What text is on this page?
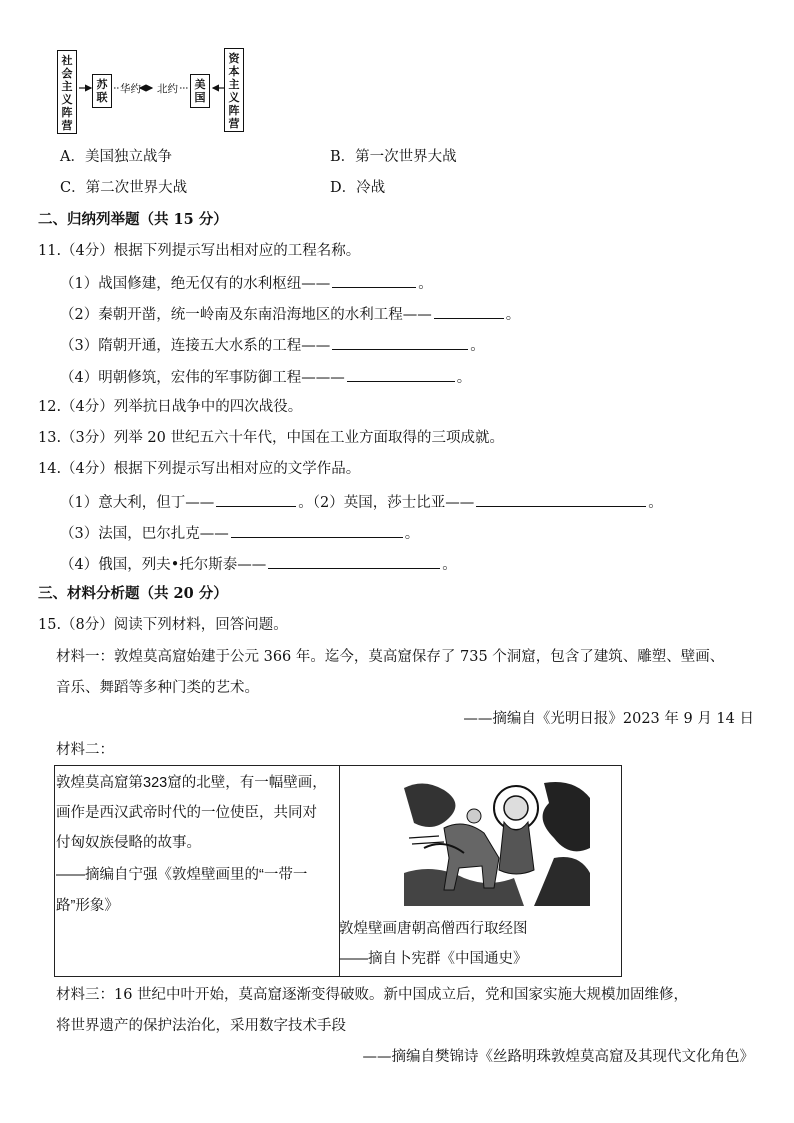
社会主义阵营
苏联
美国
资本主义阵营
华约 北约
A．美国独立战争	B．第一次世界大战
C．第二次世界大战	D．冷战
二、归纳列举题（共 15 分）
11.（4分）根据下列提示写出相对应的工程名称。
（1）战国修建，绝无仅有的水利枢纽——	。
（2）秦朝开凿，统一岭南及东南沿海地区的水利工程——	。
（3）隋朝开通，连接五大水系的工程——	。
（4）明朝修筑，宏伟的军事防御工程———	。
12.（4分）列举抗日战争中的四次战役。
13.（3分）列举 20 世纪五六十年代，中国在工业方面取得的三项成就。
14.（4分）根据下列提示写出相对应的文学作品。
（1）意大利，但丁——	。（2）英国，莎士比亚——	。
（3）法国，巴尔扎克——	。
（4）俄国，列夫•托尔斯泰——	。
三、材料分析题（共 20 分）
15.（8分）阅读下列材料，回答问题。
材料一：敦煌莫高窟始建于公元 366 年。迄今，莫高窟保存了 735 个洞窟，包含了建筑、雕塑、壁画、
音乐、舞蹈等多种门类的艺术。
——摘编自《光明日报》2023 年 9 月 14 日
材料二：
敦煌莫高窟第323窟的北壁，有一幅壁画，
画作是西汉武帝时代的一位使臣，共同对
付匈奴族侵略的故事。
——摘编自宁强《敦煌壁画里的“一带一
路”形象》
敦煌壁画唐朝高僧西行取经图
——摘自卜宪群《中国通史》
材料三：16 世纪中叶开始，莫高窟逐渐变得破败。新中国成立后，党和国家实施大规模加固维修，
将世界遗产的保护法治化，采用数字技术手段
——摘编自樊锦诗《丝路明珠敦煌莫高窟及其现代文化角色》
